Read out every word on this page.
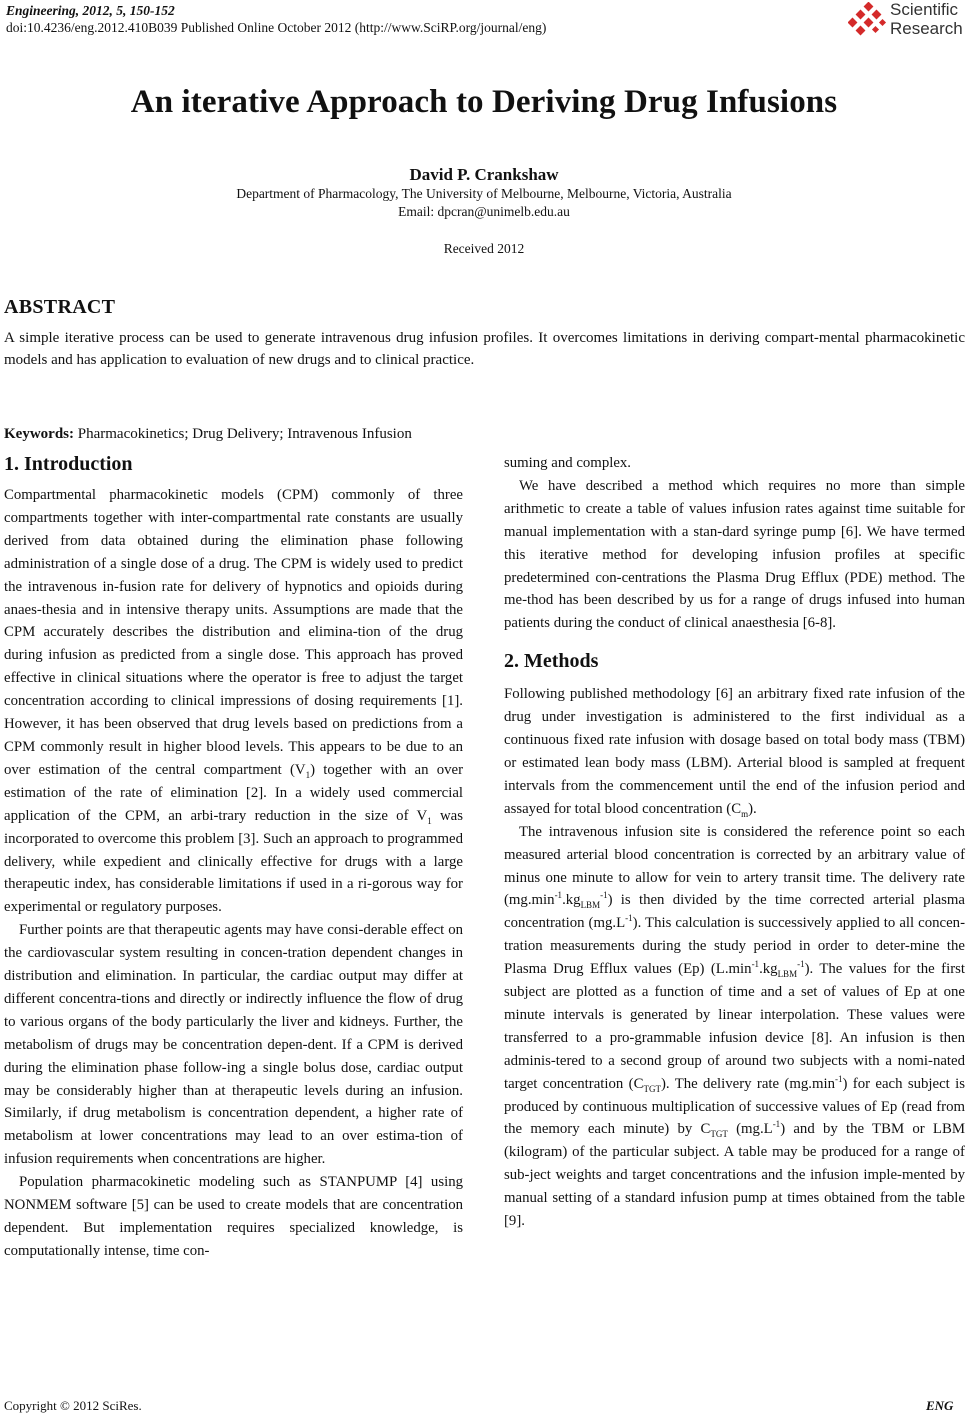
Engineering, 2012, 5, 150-152
doi:10.4236/eng.2012.410B039 Published Online October 2012 (http://www.SciRP.org/journal/eng)
Scientific
Research
An iterative Approach to Deriving Drug Infusions
David P. Crankshaw
Department of Pharmacology, The University of Melbourne, Melbourne, Victoria, Australia
Email: dpcran@unimelb.edu.au
Received 2012
ABSTRACT
A simple iterative process can be used to generate intravenous drug infusion profiles. It overcomes limitations in deriving compart-mental pharmacokinetic models and has application to evaluation of new drugs and to clinical practice.
Keywords: Pharmacokinetics; Drug Delivery; Intravenous Infusion
1. Introduction

Compartmental pharmacokinetic models (CPM) commonly of three compartments together with inter-compartmental rate constants are usually derived from data obtained during the elimination phase following administration of a single dose of a drug. The CPM is widely used to predict the intravenous in-fusion rate for delivery of hypnotics and opioids during anaes-thesia and in intensive therapy units. Assumptions are made that the CPM accurately describes the distribution and elimina-tion of the drug during infusion as predicted from a single dose. This approach has proved effective in clinical situations where the operator is free to adjust the target concentration according to clinical impressions of dosing requirements [1]. However, it has been observed that drug levels based on predictions from a CPM commonly result in higher blood levels. This appears to be due to an over estimation of the central compartment $(V_1)$ together with an over estimation of the rate of elimination [2]. In a widely used commercial application of the CPM, an arbi-trary reduction in the size of $V_1$ was incorporated to overcome this problem [3]. Such an approach to programmed delivery, while expedient and clinically effective for drugs with a large therapeutic index, has considerable limitations if used in a ri-gorous way for experimental or regulatory purposes.

Further points are that therapeutic agents may have consi-derable effect on the cardiovascular system resulting in concen-tration dependent changes in distribution and elimination. In particular, the cardiac output may differ at different concentra-tions and directly or indirectly influence the flow of drug to various organs of the body particularly the liver and kidneys. Further, the metabolism of drugs may be concentration depen-dent. If a CPM is derived during the elimination phase follow-ing a single bolus dose, cardiac output may be considerably higher than at therapeutic levels during an infusion. Similarly, if drug metabolism is concentration dependent, a higher rate of metabolism at lower concentrations may lead to an over estima-tion of infusion requirements when concentrations are higher.

Population pharmacokinetic modeling such as STANPUMP [4] using NONMEM software [5] can be used to create models that are concentration dependent. But implementation requires specialized knowledge, is computationally intense, time con-

suming and complex.

We have described a method which requires no more than simple arithmetic to create a table of values infusion rates against time suitable for manual implementation with a stan-dard syringe pump [6]. We have termed this iterative method for developing infusion profiles at specific predetermined con-centrations the Plasma Drug Efflux (PDE) method. The me-thod has been described by us for a range of drugs infused into human patients during the conduct of clinical anaesthesia [6-8].

2. Methods

Following published methodology [6] an arbitrary fixed rate infusion of the drug under investigation is administered to the first individual as a continuous fixed rate infusion with dosage based on total body mass (TBM) or estimated lean body mass (LBM). Arterial blood is sampled at frequent intervals from the commencement until the end of the infusion period and assayed for total blood concentration $(C_m)$.

The intravenous infusion site is considered the reference point so each measured arterial blood concentration is corrected by an arbitrary value of minus one minute to allow for vein to artery transit time. The delivery rate $(mg.\min^{-1}.kg_{LBM}^{-1})$ is then divided by the time corrected arterial plasma concentration $(mg.L^{-1})$. This calculation is successively applied to all concen-tration measurements during the study period in order to deter-mine the Plasma Drug Efflux values (Ep) $(L.\min^{-1}.kg_{LBM}^{-1})$. The values for the first subject are plotted as a function of time and a set of values of Ep at one minute intervals is generated by linear interpolation. These values were transferred to a pro-grammable infusion device [8]. An infusion is then adminis-tered to a second group of around two subjects with a nomi-nated target concentration $(C_{TGT})$. The delivery rate $(mg.\min^{-1})$ for each subject is produced by continuous multiplication of successive values of Ep (read from the memory each minute) by $C_{TGT}$ $(mg.L^{-1})$ and by the TBM or LBM (kilogram) of the particular subject. A table may be produced for a range of sub-ject weights and target concentrations and the infusion imple-mented by manual setting of a standard infusion pump at times obtained from the table [9].

Copyright © 2012 SciRes.	ENG
